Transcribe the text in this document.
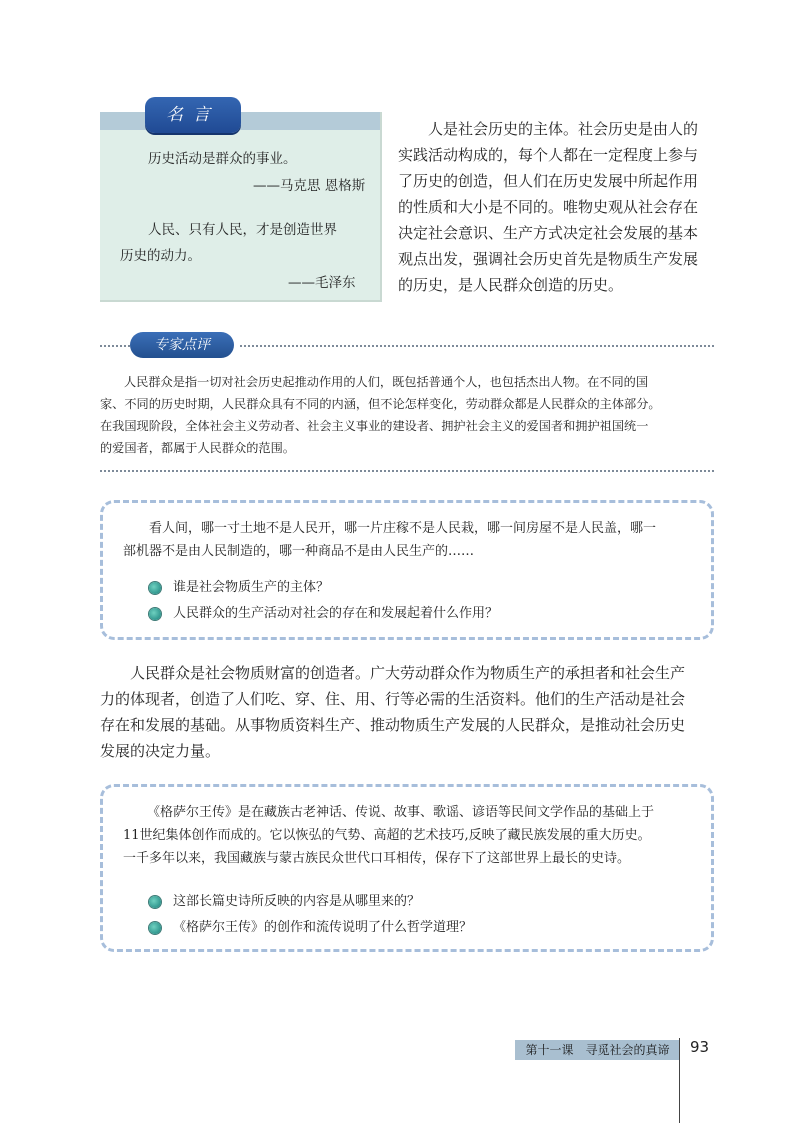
名言
历史活动是群众的事业。
——马克思 恩格斯
人民、只有人民，才是创造世界
历史的动力。
——毛泽东
人是社会历史的主体。社会历史是由人的
实践活动构成的，每个人都在一定程度上参与
了历史的创造，但人们在历史发展中所起作用
的性质和大小是不同的。唯物史观从社会存在
决定社会意识、生产方式决定社会发展的基本
观点出发，强调社会历史首先是物质生产发展
的历史，是人民群众创造的历史。
专家点评
人民群众是指一切对社会历史起推动作用的人们，既包括普通个人，也包括杰出人物。在不同的国
家、不同的历史时期，人民群众具有不同的内涵，但不论怎样变化，劳动群众都是人民群众的主体部分。
在我国现阶段，全体社会主义劳动者、社会主义事业的建设者、拥护社会主义的爱国者和拥护祖国统一
的爱国者，都属于人民群众的范围。
看人间，哪一寸土地不是人民开，哪一片庄稼不是人民栽，哪一间房屋不是人民盖，哪一
部机器不是由人民制造的，哪一种商品不是由人民生产的……
谁是社会物质生产的主体？
人民群众的生产活动对社会的存在和发展起着什么作用？
人民群众是社会物质财富的创造者。广大劳动群众作为物质生产的承担者和社会生产
力的体现者，创造了人们吃、穿、住、用、行等必需的生活资料。他们的生产活动是社会
存在和发展的基础。从事物质资料生产、推动物质生产发展的人民群众，是推动社会历史
发展的决定力量。
《格萨尔王传》是在藏族古老神话、传说、故事、歌谣、谚语等民间文学作品的基础上于
11世纪集体创作而成的。它以恢弘的气势、高超的艺术技巧,反映了藏民族发展的重大历史。
一千多年以来，我国藏族与蒙古族民众世代口耳相传，保存下了这部世界上最长的史诗。
这部长篇史诗所反映的内容是从哪里来的？
《格萨尔王传》的创作和流传说明了什么哲学道理？
第十一课　寻觅社会的真谛	93
